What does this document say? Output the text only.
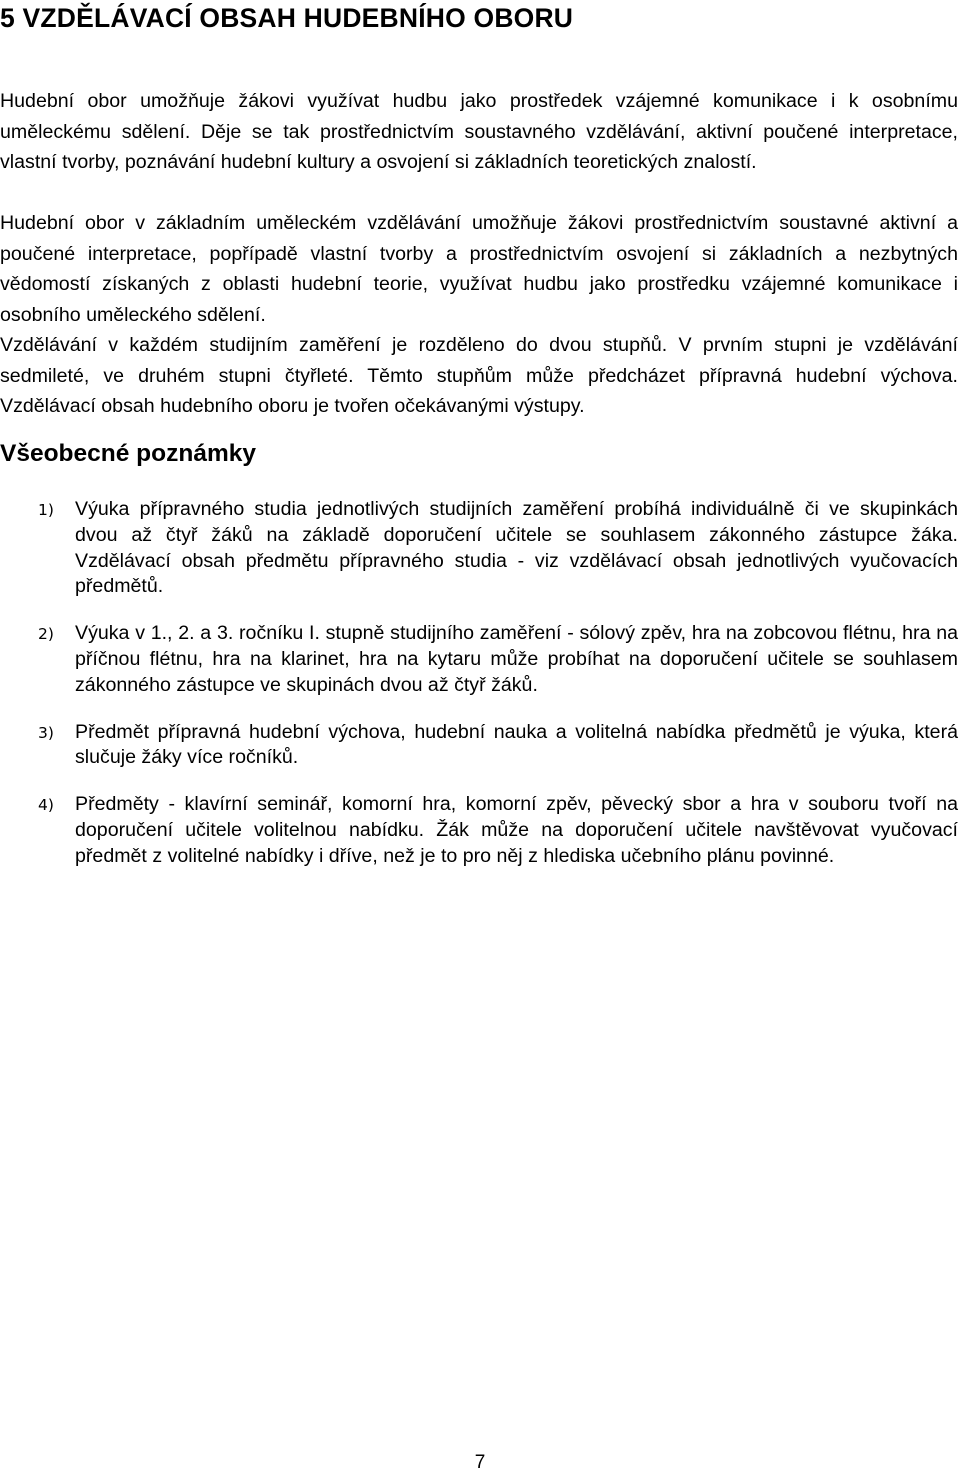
5 VZDĚLÁVACÍ OBSAH HUDEBNÍHO OBORU

Hudební obor umožňuje žákovi využívat hudbu jako prostředek vzájemné komunikace i k osobnímu uměleckému sdělení. Děje se tak prostřednictvím soustavného vzdělávání, aktivní poučené interpretace, vlastní tvorby, poznávání hudební kultury a osvojení si základních teoretických znalostí.

Hudební obor v základním uměleckém vzdělávání umožňuje žákovi prostřednictvím soustavné aktivní a poučené interpretace, popřípadě vlastní tvorby a prostřednictvím osvojení si základních a nezbytných vědomostí získaných z oblasti hudební teorie, využívat hudbu jako prostředku vzájemné komunikace i osobního uměleckého sdělení.

Vzdělávání v každém studijním zaměření je rozděleno do dvou stupňů. V prvním stupni je vzdělávání sedmileté, ve druhém stupni čtyřleté. Těmto stupňům může předcházet přípravná hudební výchova. Vzdělávací obsah hudebního oboru je tvořen očekávanými výstupy.

Všeobecné poznámky
1) Výuka přípravného studia jednotlivých studijních zaměření probíhá individuálně či ve skupinkách dvou až čtyř žáků na základě doporučení učitele se souhlasem zákonného zástupce žáka. Vzdělávací obsah předmětu přípravného studia - viz vzdělávací obsah jednotlivých vyučovacích předmětů.
2) Výuka v 1., 2. a 3. ročníku I. stupně studijního zaměření - sólový zpěv, hra na zobcovou flétnu, hra na příčnou flétnu, hra na klarinet, hra na kytaru může probíhat na doporučení učitele se souhlasem zákonného zástupce ve skupinách dvou až čtyř žáků.
3) Předmět přípravná hudební výchova, hudební nauka a volitelná nabídka předmětů je výuka, která slučuje žáky více ročníků.
4) Předměty - klavírní seminář, komorní hra, komorní zpěv, pěvecký sbor a hra v souboru tvoří na doporučení učitele volitelnou nabídku. Žák může na doporučení učitele navštěvovat vyučovací předmět z volitelné nabídky i dříve, než je to pro něj z hlediska učebního plánu povinné.
7
